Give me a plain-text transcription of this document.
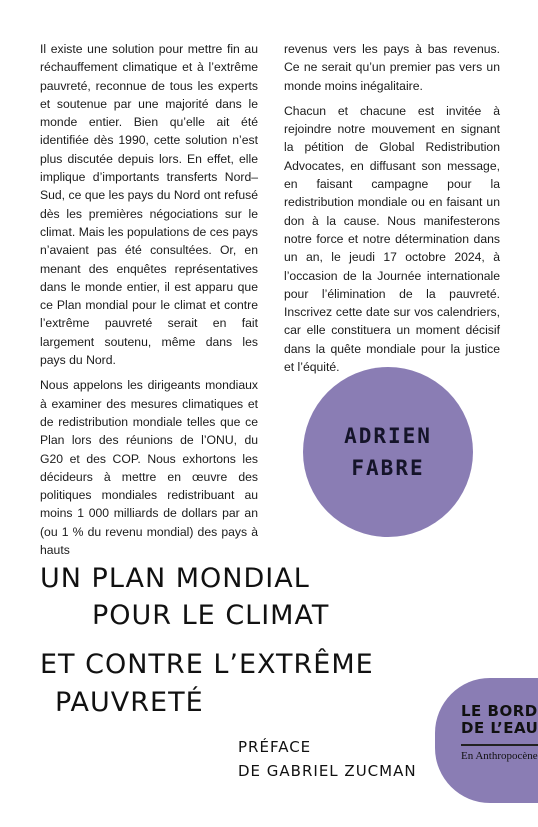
Il existe une solution pour mettre fin au réchauffement climatique et à l’extrême pauvreté, reconnue de tous les experts et soutenue par une majorité dans le monde entier. Bien qu’elle ait été identifiée dès 1990, cette solution n’est plus discutée depuis lors. En effet, elle implique d’importants transferts Nord–Sud, ce que les pays du Nord ont refusé dès les premières négociations sur le climat. Mais les populations de ces pays n’avaient pas été consultées. Or, en menant des enquêtes représentatives dans le monde entier, il est apparu que ce Plan mondial pour le climat et contre l’extrême pauvreté serait en fait largement soutenu, même dans les pays du Nord.

Nous appelons les dirigeants mondiaux à examiner des mesures climatiques et de redistribution mondiale telles que ce Plan lors des réunions de l’ONU, du G20 et des COP. Nous exhortons les décideurs à mettre en œuvre des politiques mondiales redistribuant au moins 1 000 milliards de dollars par an (ou 1 % du revenu mondial) des pays à hauts

revenus vers les pays à bas revenus. Ce ne serait qu’un premier pas vers un monde moins inégalitaire.

Chacun et chacune est invitée à rejoindre notre mouvement en signant la pétition de Global Redistribution Advocates, en diffusant son message, en faisant campagne pour la redistribution mondiale ou en faisant un don à la cause. Nous manifesterons notre force et notre détermination dans un an, le jeudi 17 octobre 2024, à l’occasion de la Journée internationale pour l’élimination de la pauvreté. Inscrivez cette date sur vos calendriers, car elle constituera un moment décisif dans la quête mondiale pour la justice et l’équité.

ADRIEN
FABRE
UN PLAN MONDIAL
POUR LE CLIMAT
ET CONTRE L’EXTRÊME
PAUVRETÉ
PRÉFACE
DE GABRIEL ZUCMAN
LE BORD
DE L’EAU
En Anthropocène
